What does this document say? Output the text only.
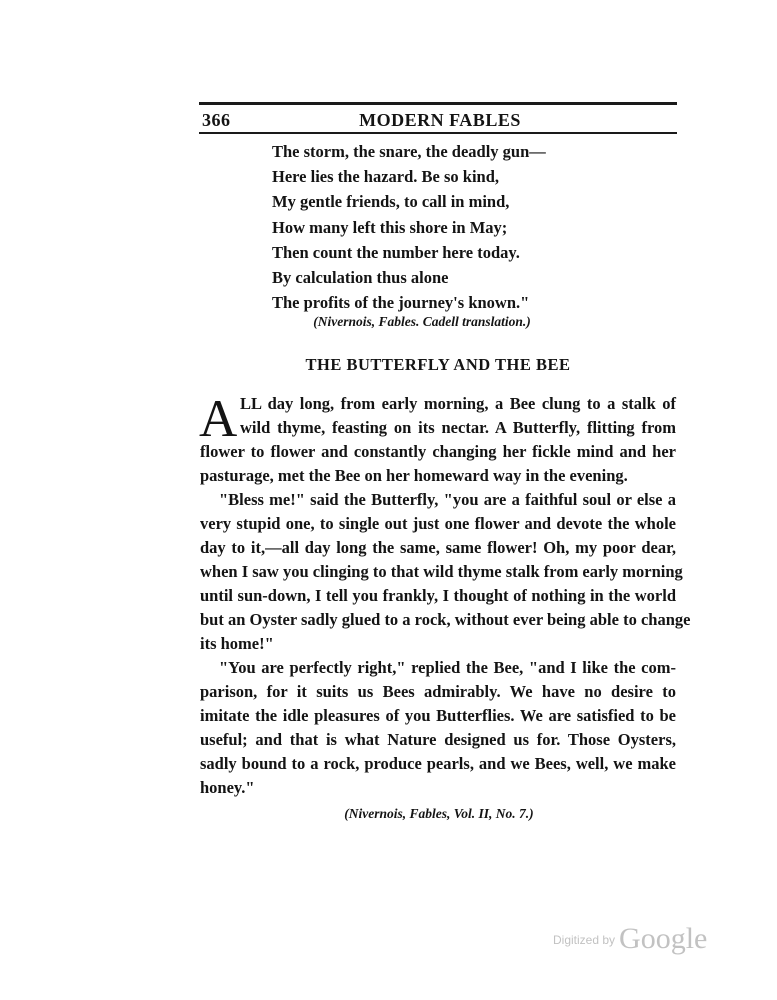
366	MODERN FABLES
The storm, the snare, the deadly gun—
Here lies the hazard. Be so kind,
My gentle friends, to call in mind,
How many left this shore in May;
Then count the number here today.
By calculation thus alone
The profits of the journey's known."
(Nivernois, Fables. Cadell translation.)
THE BUTTERFLY AND THE BEE
A LL day long, from early morning, a Bee clung to a stalk of
wild thyme, feasting on its nectar. A Butterfly, flitting from
flower to flower and constantly changing her fickle mind and her
pasturage, met the Bee on her homeward way in the evening.
"Bless me!" said the Butterfly, "you are a faithful soul or else a
very stupid one, to single out just one flower and devote the whole
day to it,—all day long the same, same flower! Oh, my poor dear,
when I saw you clinging to that wild thyme stalk from early morning
until sun-down, I tell you frankly, I thought of nothing in the world
but an Oyster sadly glued to a rock, without ever being able to change
its home!"
"You are perfectly right," replied the Bee, "and I like the com-
parison, for it suits us Bees admirably. We have no desire to
imitate the idle pleasures of you Butterflies. We are satisfied to be
useful; and that is what Nature designed us for. Those Oysters,
sadly bound to a rock, produce pearls, and we Bees, well, we make
honey."
(Nivernois, Fables, Vol. II, No. 7.)
$^{Digitized by}$ Google
